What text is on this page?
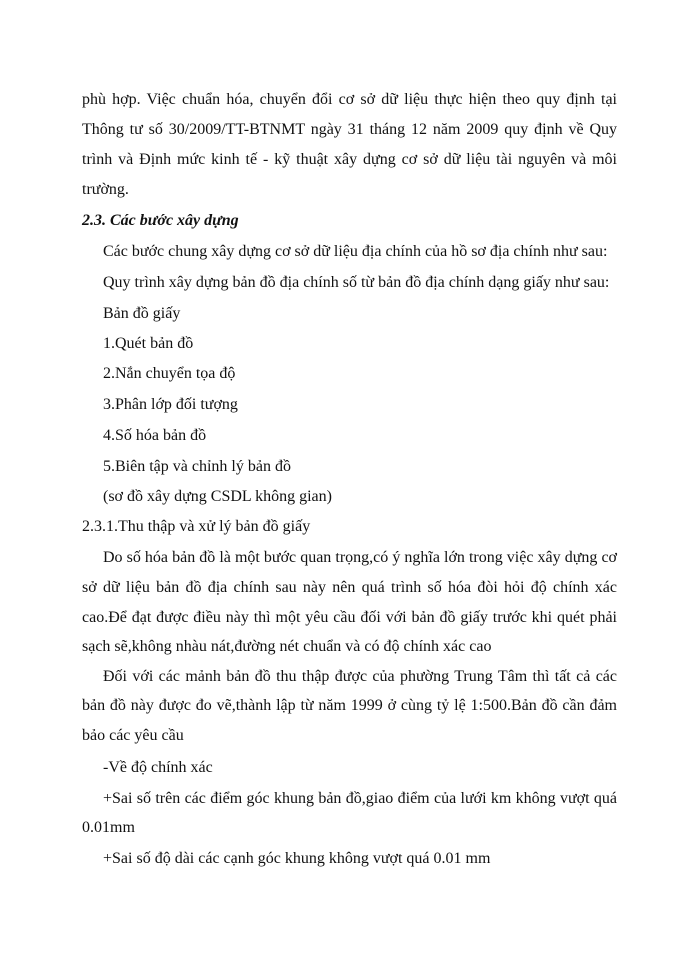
phù hợp. Việc chuẩn hóa, chuyển đổi cơ sở dữ liệu thực hiện theo quy định tại
Thông tư số 30/2009/TT-BTNMT ngày 31 tháng 12 năm 2009 quy định về Quy
trình và Định mức kinh tế - kỹ thuật xây dựng cơ sở dữ liệu tài nguyên và môi
trường.
2.3. Các bước xây dựng
Các bước chung xây dựng cơ sở dữ liệu địa chính của hồ sơ địa chính như sau:
Quy trình xây dựng bản đồ địa chính số từ bản đồ địa chính dạng giấy như sau:
Bản đồ giấy
1.Quét bản đồ
2.Nắn chuyển tọa độ
3.Phân lớp đối tượng
4.Số hóa bản đồ
5.Biên tập và chỉnh lý bản đồ
(sơ đồ xây dựng CSDL không gian)
2.3.1.Thu thập và xử lý bản đồ giấy
Do số hóa bản đồ là một bước quan trọng,có ý nghĩa lớn trong việc xây dựng cơ
sở dữ liệu bản đồ địa chính sau này nên quá trình số hóa đòi hỏi độ chính xác
cao.Để đạt được điều này thì một yêu cầu đối với bản đồ giấy trước khi quét phải
sạch sẽ,không nhàu nát,đường nét chuẩn và có độ chính xác cao
Đối với các mảnh bản đồ thu thập được của phường Trung Tâm thì tất cả các
bản đồ này được đo vẽ,thành lập từ năm 1999 ở cùng tỷ lệ 1:500.Bản đồ cần đảm
bảo các yêu cầu
-Về độ chính xác
+Sai số trên các điểm góc khung bản đồ,giao điểm của lưới km không vượt quá
0.01mm
+Sai số độ dài các cạnh góc khung không vượt quá 0.01 mm
